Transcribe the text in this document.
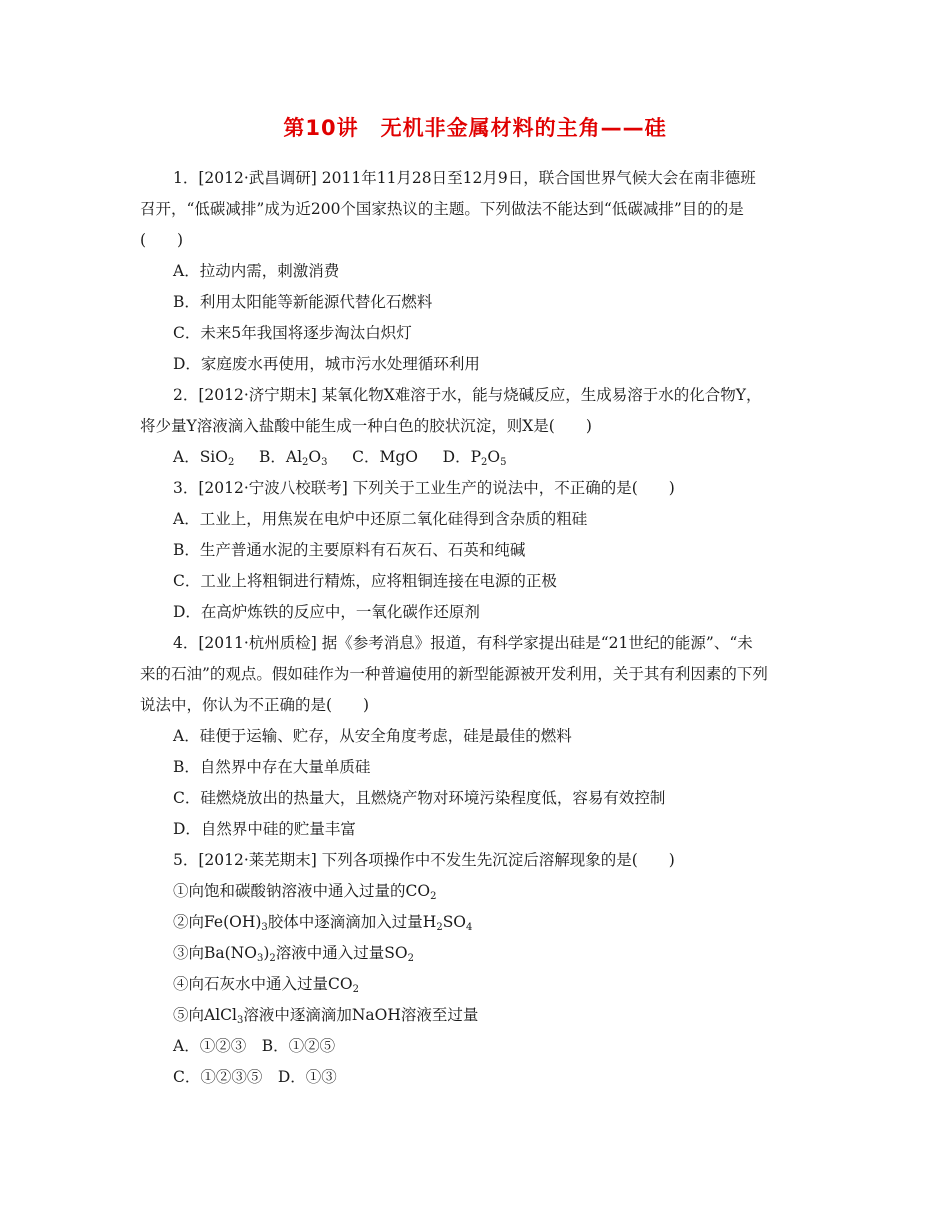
第10讲 无机非金属材料的主角——硅
1．[2012·武昌调研] 2011年11月28日至12月9日，联合国世界气候大会在南非德班
召开，“低碳减排”成为近200个国家热议的主题。下列做法不能达到“低碳减排”目的的是
(　　)
A．拉动内需，刺激消费
B．利用太阳能等新能源代替化石燃料
C．未来5年我国将逐步淘汰白炽灯
D．家庭废水再使用，城市污水处理循环利用
2．[2012·济宁期末] 某氧化物X难溶于水，能与烧碱反应，生成易溶于水的化合物Y，
将少量Y溶液滴入盐酸中能生成一种白色的胶状沉淀，则X是(　　)
A．SiO$_2$ B．$Al_2O_3$ C．MgO D．$P_2O_5$
3．[2012·宁波八校联考] 下列关于工业生产的说法中，不正确的是(　　)
A．工业上，用焦炭在电炉中还原二氧化硅得到含杂质的粗硅
B．生产普通水泥的主要原料有石灰石、石英和纯碱
C．工业上将粗铜进行精炼，应将粗铜连接在电源的正极
D．在高炉炼铁的反应中，一氧化碳作还原剂
4．[2011·杭州质检] 据《参考消息》报道，有科学家提出硅是“21世纪的能源”、“未
来的石油”的观点。假如硅作为一种普遍使用的新型能源被开发利用，关于其有利因素的下列
说法中，你认为不正确的是(　　)
A．硅便于运输、贮存，从安全角度考虑，硅是最佳的燃料
B．自然界中存在大量单质硅
C．硅燃烧放出的热量大，且燃烧产物对环境污染程度低，容易有效控制
D．自然界中硅的贮量丰富
5．[2012·莱芜期末] 下列各项操作中不发生先沉淀后溶解现象的是(　　)
①向饱和碳酸钠溶液中通入过量的$CO_2$
②向$Fe(OH)_3$胶体中逐滴滴加入过量$H_2SO_4$
③向$Ba(NO_3)_2$溶液中通入过量$SO_2$
④向石灰水中通入过量$CO_2$
⑤向AlCl$_3$溶液中逐滴滴加NaOH溶液至过量
A．①②③　B．①②⑤
C．①②③⑤　D．①③
